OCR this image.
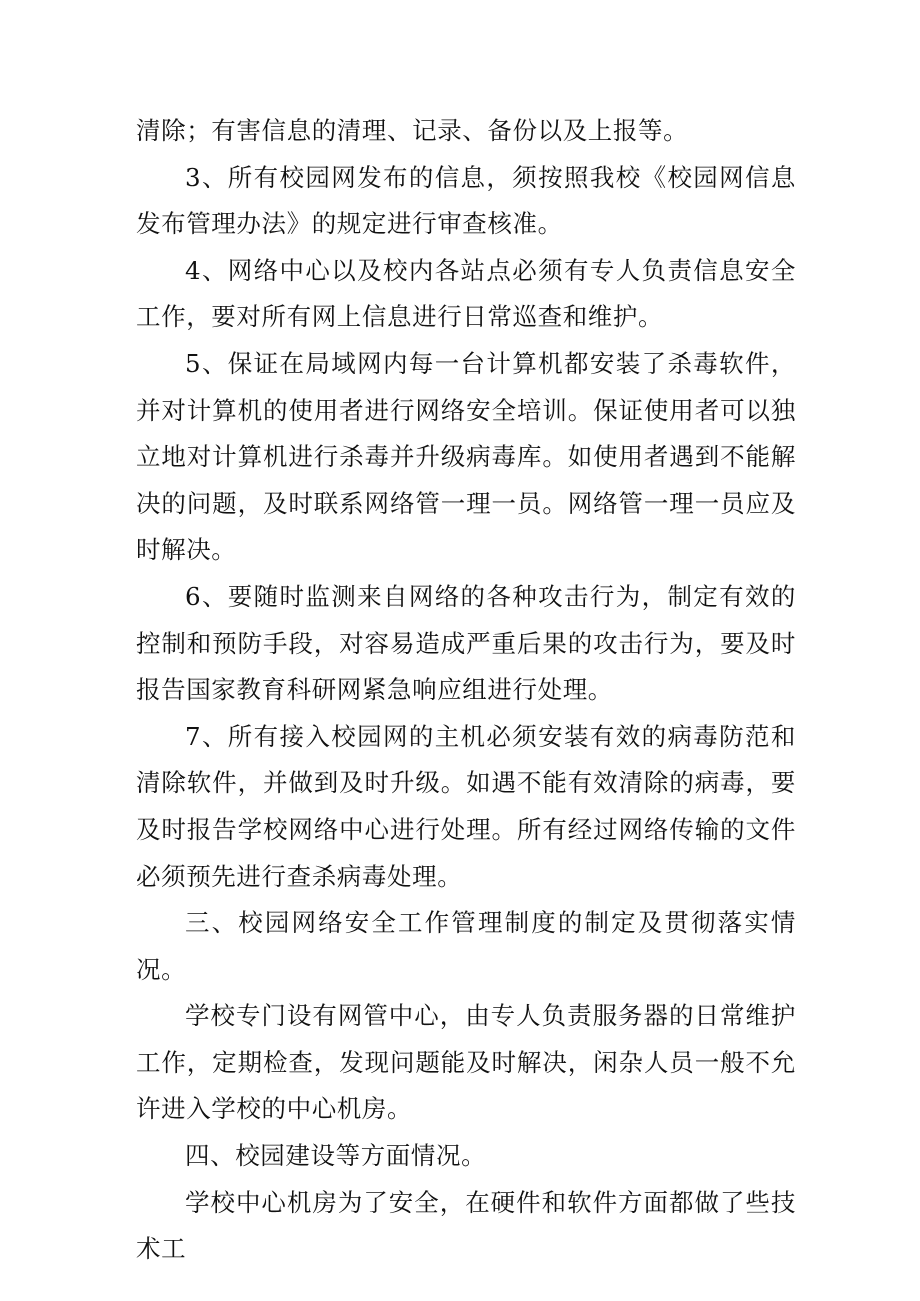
清除；有害信息的清理、记录、备份以及上报等。

3、所有校园网发布的信息，须按照我校《校园网信息发布管理办法》的规定进行审查核准。

4、网络中心以及校内各站点必须有专人负责信息安全工作，要对所有网上信息进行日常巡查和维护。

5、保证在局域网内每一台计算机都安装了杀毒软件，并对计算机的使用者进行网络安全培训。保证使用者可以独立地对计算机进行杀毒并升级病毒库。如使用者遇到不能解决的问题，及时联系网络管一理一员。网络管一理一员应及时解决。

6、要随时监测来自网络的各种攻击行为，制定有效的控制和预防手段，对容易造成严重后果的攻击行为，要及时报告国家教育科研网紧急响应组进行处理。

7、所有接入校园网的主机必须安装有效的病毒防范和清除软件，并做到及时升级。如遇不能有效清除的病毒，要及时报告学校网络中心进行处理。所有经过网络传输的文件必须预先进行查杀病毒处理。

三、校园网络安全工作管理制度的制定及贯彻落实情况。

学校专门设有网管中心，由专人负责服务器的日常维护工作，定期检查，发现问题能及时解决，闲杂人员一般不允许进入学校的中心机房。

四、校园建设等方面情况。

学校中心机房为了安全，在硬件和软件方面都做了些技术工
